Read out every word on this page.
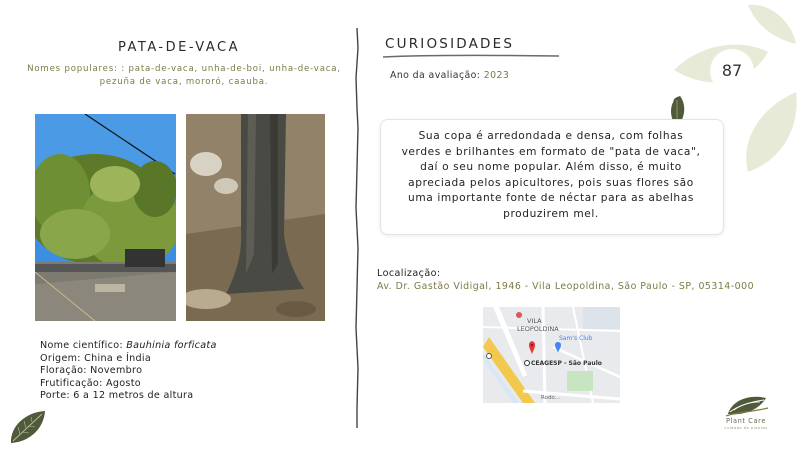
PATA-DE-VACA
Nomes populares: : pata-de-vaca, unha-de-boi, unha-de-vaca, pezuña de vaca, mororó, caauba.
Nome científico: Bauhinia forficata
Origem: China e Índia
Floração: Novembro
Frutificação: Agosto
Porte: 6 a 12 metros de altura
CURIOSIDADES
Ano da avaliação: 2023	87
Sua copa é arredondada e densa, com folhas verdes e brilhantes em formato de "pata de vaca", daí o seu nome popular. Além disso, é muito apreciada pelos apicultores, pois suas flores são uma importante fonte de néctar para as abelhas produzirem mel.
Localização:
Av. Dr. Gastão Vidigal, 1946 - Vila Leopoldina, São Paulo - SP, 05314-000
VILA
LEOPOLDINA
Sam's Club
CEAGESP - São Paulo
Rodo...
Plant Care
cuidado de plantas
